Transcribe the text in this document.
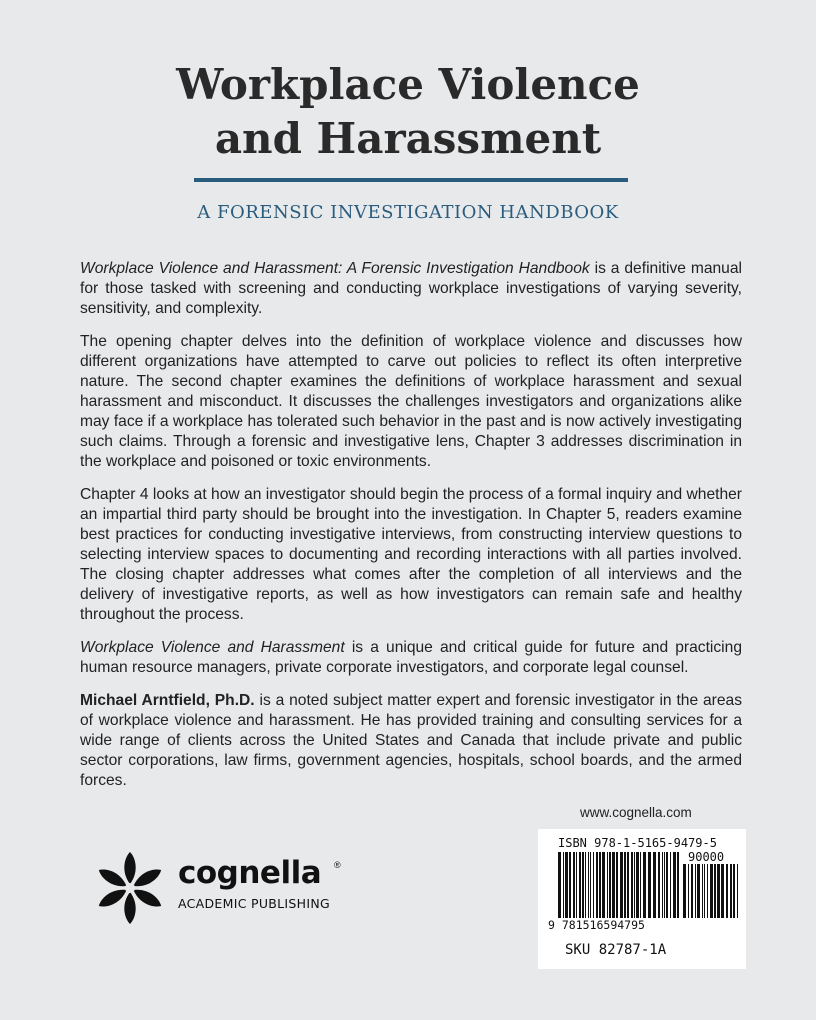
Workplace Violence
and Harassment
A FORENSIC INVESTIGATION HANDBOOK

Workplace Violence and Harassment: A Forensic Investigation Handbook is a definitive manual for those tasked with screening and conducting workplace investigations of varying severity, sensitivity, and complexity.

The opening chapter delves into the definition of workplace violence and discusses how different organizations have attempted to carve out policies to reflect its often interpretive nature. The second chapter examines the definitions of workplace harassment and sexual harassment and misconduct. It discusses the challenges investigators and organizations alike may face if a workplace has tolerated such behavior in the past and is now actively investigating such claims. Through a forensic and investigative lens, Chapter 3 addresses discrimination in the workplace and poisoned or toxic environments.

Chapter 4 looks at how an investigator should begin the process of a formal inquiry and whether an impartial third party should be brought into the investigation. In Chapter 5, readers examine best practices for conducting investigative interviews, from constructing interview questions to selecting interview spaces to documenting and recording interactions with all parties involved. The closing chapter addresses what comes after the completion of all interviews and the delivery of investigative reports, as well as how investigators can remain safe and healthy throughout the process.

Workplace Violence and Harassment is a unique and critical guide for future and practicing human resource managers, private corporate investigators, and corporate legal counsel.

Michael Arntfield, Ph.D. is a noted subject matter expert and forensic investigator in the areas of workplace violence and harassment. He has provided training and consulting services for a wide range of clients across the United States and Canada that include private and public sector corporations, law firms, government agencies, hospitals, school boards, and the armed forces.

www.cognella.com
cognella ®
ACADEMIC PUBLISHING
ISBN 978-1-5165-9479-5
90000
9 781516594795
SKU 82787-1A
